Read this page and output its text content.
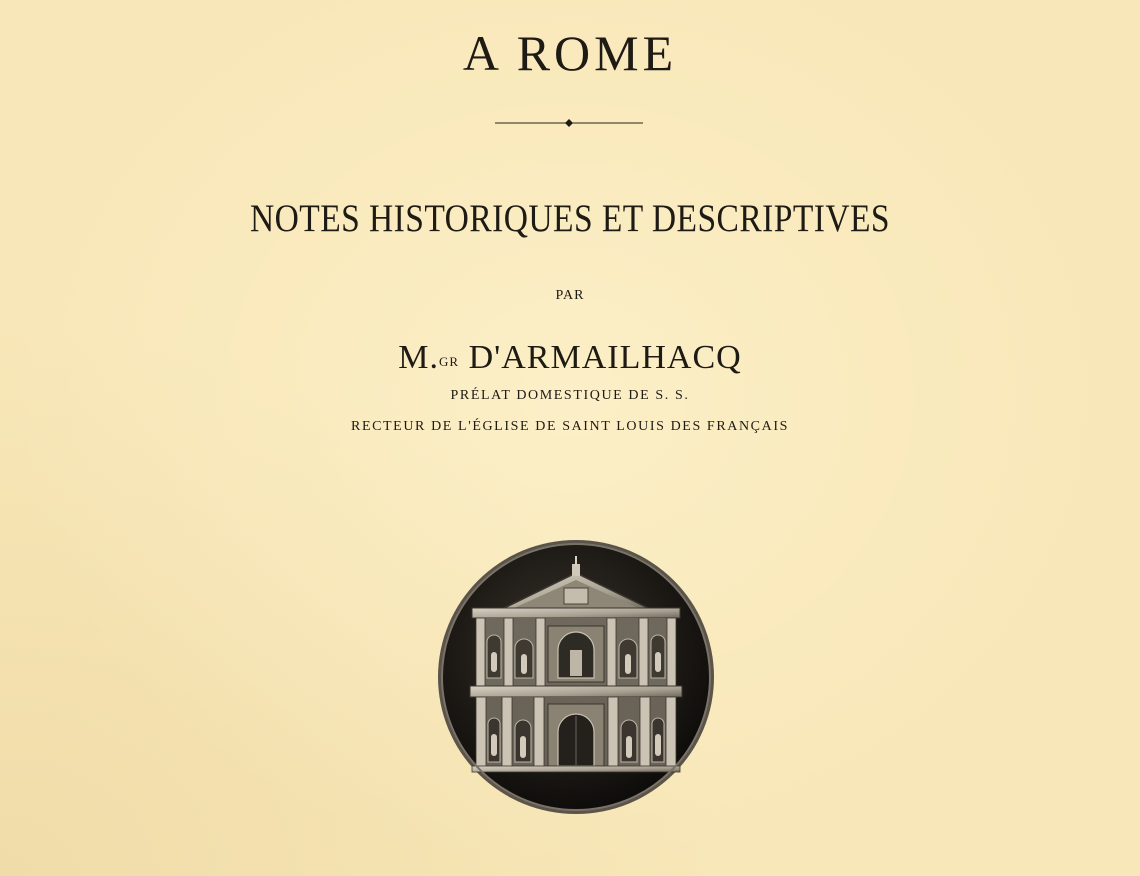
A ROME
NOTES HISTORIQUES ET DESCRIPTIVES
PAR
M.$^{GR}$ D'ARMAILHACQ
PRÉLAT DOMESTIQUE DE S. S.
RECTEUR DE L'ÉGLISE DE SAINT LOUIS DES FRANÇAIS
